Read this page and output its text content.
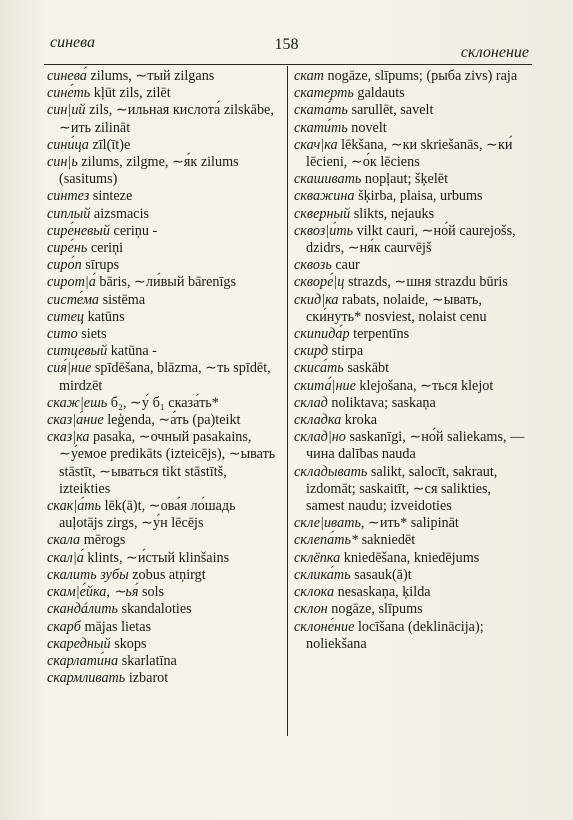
синева	158	склонение

синева́ zilums, ∼тый zilgans

сине́ть kļūt zils, zilēt

син|ий zils, ∼ильная кислота́ zilskābe, ∼ить zilināt

сини́ца zīl(īt)e

син|ь zilums, zilgme, ∼я́к zilums (sasitums)

синтез sinteze

сиплый aizsmacis

сире́невый ceriņu -

сире́нь ceriņi

сиро́п sīrups

сирот|а́ bāris, ∼ли́вый bārenīgs

систе́ма sistēma

ситец katūns

сито siets

ситцевый katūna -

сия́|ние spīdēšana, blāzma, ∼ть spīdēt, mirdzēt

скаж|ешь б₂, ∼у́ б₁ сказа́ть*

сказ|а́ние leģenda, ∼а́ть (pa)teikt

сказ|ка pasaka, ∼очный pasakains, ∼у́емое predikāts (izteicējs), ∼ывать stāstīt, ∼ываться tikt stāstītš, izteikties

скак|а́ть lēk(ā)t, ∼ова́я ло́шадь auļotājs zirgs, ∼у́н lēcējs

скала mērogs

скал|а́ klints, ∼и́стый klinšains

скалить зубы zobus atņirgt

скам|е́йка, ∼ья́ sols

скандáлить skandaloties

скарб mājas lietas

скаредный skops

скарлати́на skarlatīna

скармливать izbarot

скат nogāze, slīpums; (рыба zivs) raja

скатерть galdauts

ската́ть sarullēt, savelt

скати́ть novelt

скач|ка lēkšana, ∼ки skriešanās, ∼ки́ lēcieni, ∼о́к lēciens

скашивать nopļaut; šķelēt

скважина šķirba, plaisa, urbums

скверный slikts, nejauks

сквоз|и́ть vilkt cauri, ∼но́й caurejošs, dzidrs, ∼ня́к caurvējš

сквозь caur

скворе́|ц strazds, ∼шня strazdu būris

скид|ка rabats, nolaide, ∼ывать, ски́нуть* nosviest, nolaist cenu

скипида́р terpentīns

скирд stirpa

скиса́ть saskābt

скита́|ние klejošana, ∼ться klejot

склад noliktava; saskaņa

складка kroka

склад|но saskanīgi, ∼но́й saliekams, —чина dalības nauda

складывать salikt, salocīt, sakraut, izdomāt; saskaitīt, ∼ся salikties, samest naudu; izveidoties

скле|ивать, ∼ить* salipināt

склепа́ть* sakniedēt

склёпка kniedēšana, kniedējums

склика́ть sasauk(ā)t

склока nesaskaņa, ķilda

склон nogāze, slīpums

склоне́ние locīšana (deklinācija); noliekšana
